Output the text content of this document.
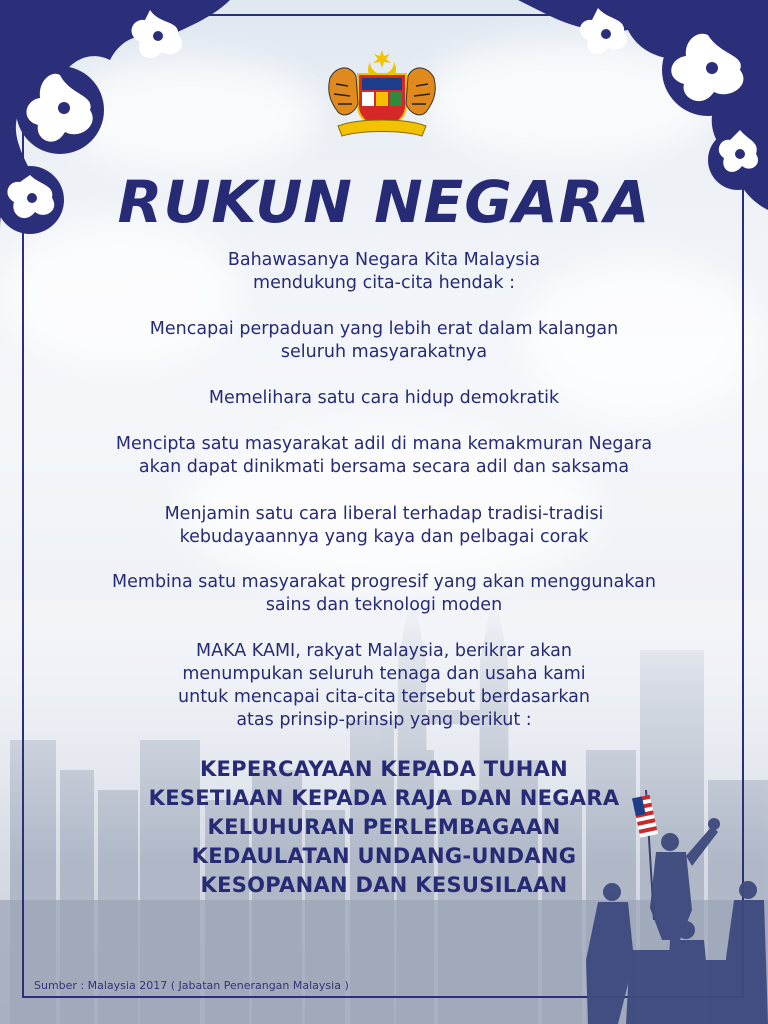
RUKUN NEGARA
Bahawasanya Negara Kita Malaysia
mendukung cita-cita hendak :
Mencapai perpaduan yang lebih erat dalam kalangan
seluruh masyarakatnya
Memelihara satu cara hidup demokratik
Mencipta satu masyarakat adil di mana kemakmuran Negara
akan dapat dinikmati bersama secara adil dan saksama
Menjamin satu cara liberal terhadap tradisi-tradisi
kebudayaannya yang kaya dan pelbagai corak
Membina satu masyarakat progresif yang akan menggunakan
sains dan teknologi moden
MAKA KAMI, rakyat Malaysia, berikrar akan
menumpukan seluruh tenaga dan usaha kami
untuk mencapai cita-cita tersebut berdasarkan
atas prinsip-prinsip yang berikut :
KEPERCAYAAN KEPADA TUHAN
KESETIAAN KEPADA RAJA DAN NEGARA
KELUHURAN PERLEMBAGAAN
KEDAULATAN UNDANG-UNDANG
KESOPANAN DAN KESUSILAAN
Sumber : Malaysia 2017 ( Jabatan Penerangan Malaysia )
